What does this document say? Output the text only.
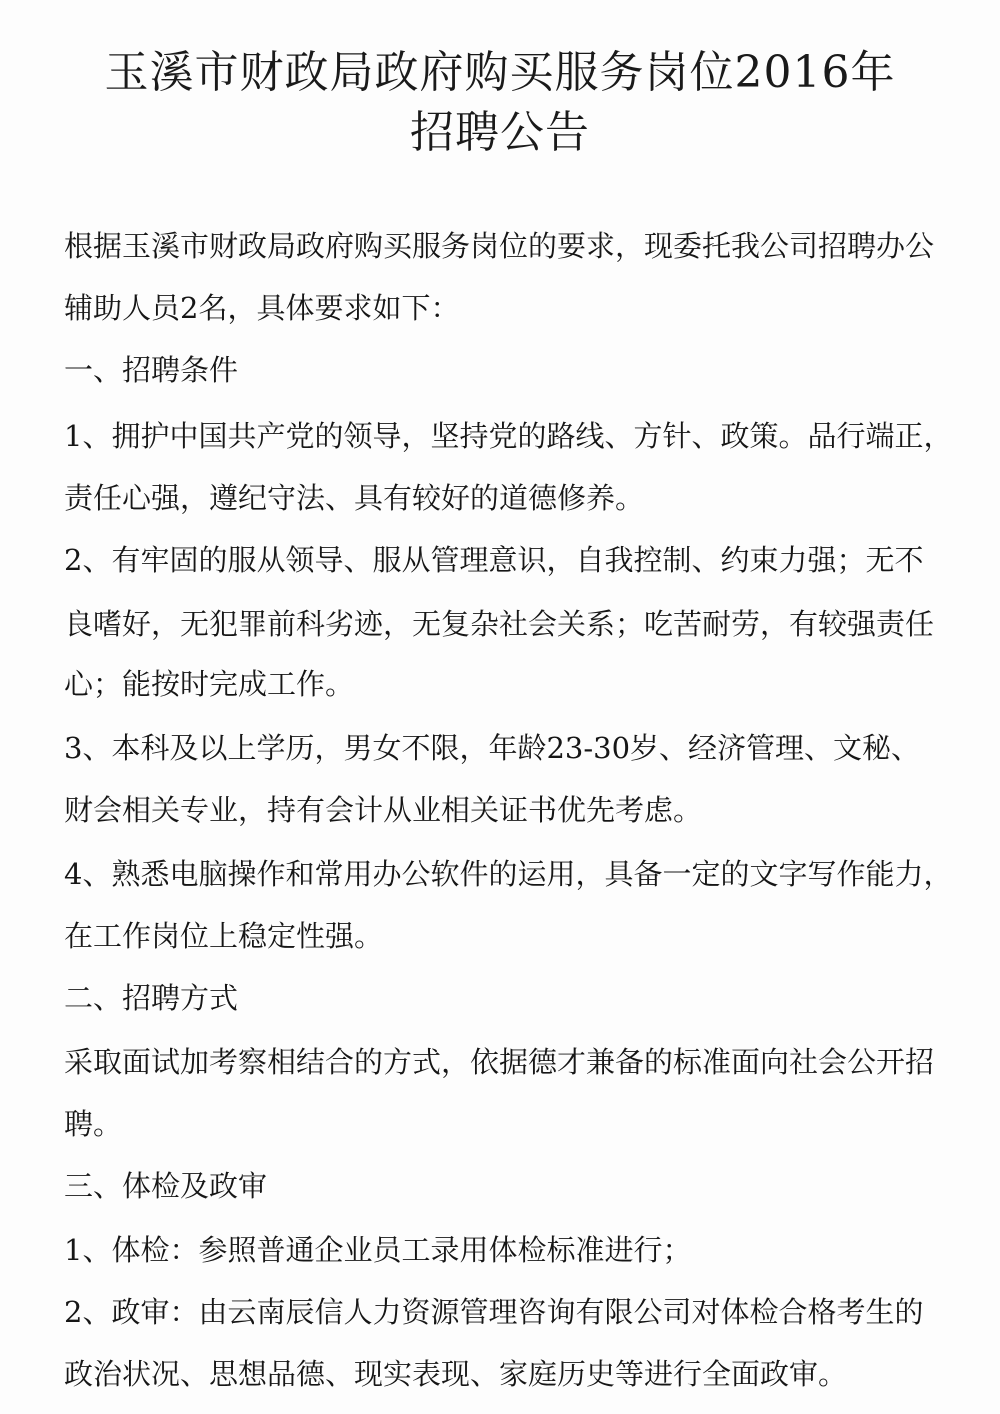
玉溪市财政局政府购买服务岗位2016年
招聘公告
根据玉溪市财政局政府购买服务岗位的要求，现委托我公司招聘办公
辅助人员2名，具体要求如下：
一、招聘条件
1、拥护中国共产党的领导，坚持党的路线、方针、政策。品行端正，
责任心强，遵纪守法、具有较好的道德修养。
2、有牢固的服从领导、服从管理意识，自我控制、约束力强；无不
良嗜好，无犯罪前科劣迹，无复杂社会关系；吃苦耐劳，有较强责任
心；能按时完成工作。
3、本科及以上学历，男女不限，年龄23-30岁、经济管理、文秘、
财会相关专业，持有会计从业相关证书优先考虑。
4、熟悉电脑操作和常用办公软件的运用，具备一定的文字写作能力，
在工作岗位上稳定性强。
二、招聘方式
采取面试加考察相结合的方式，依据德才兼备的标准面向社会公开招
聘。
三、体检及政审
1、体检：参照普通企业员工录用体检标准进行；
2、政审：由云南辰信人力资源管理咨询有限公司对体检合格考生的
政治状况、思想品德、现实表现、家庭历史等进行全面政审。
